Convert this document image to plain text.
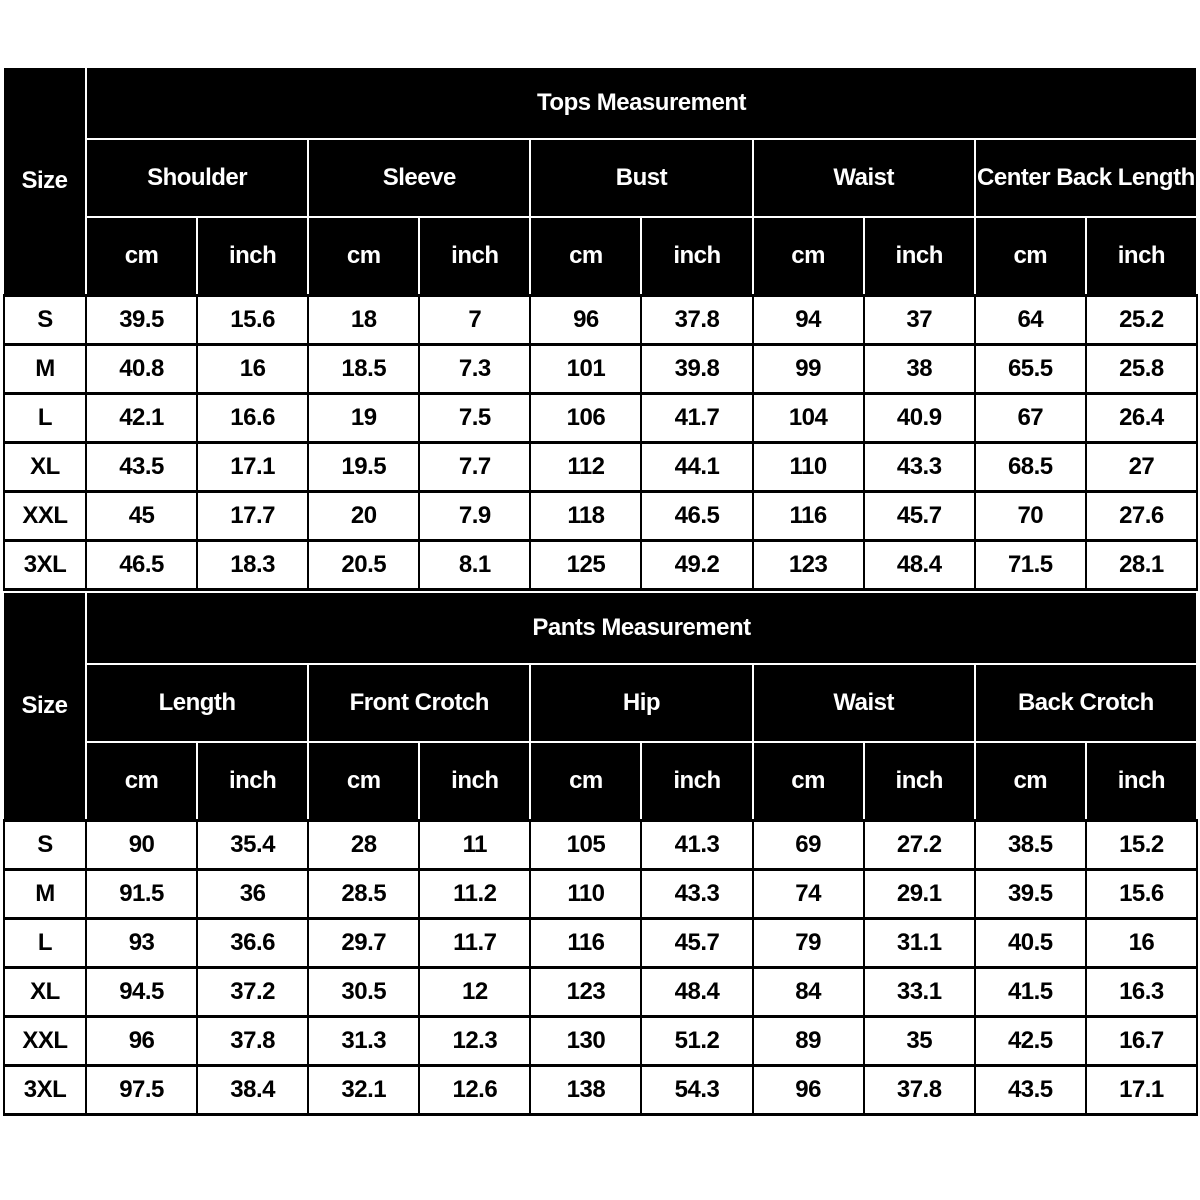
Size	Tops Measurement									
	Shoulder		Sleeve		Bust		Waist		Center Back Length	
	cm	inch	cm	inch	cm	inch	cm	inch	cm	inch
S	39.5	15.6	18	7	96	37.8	94	37	64	25.2
M	40.8	16	18.5	7.3	101	39.8	99	38	65.5	25.8
L	42.1	16.6	19	7.5	106	41.7	104	40.9	67	26.4
XL	43.5	17.1	19.5	7.7	112	44.1	110	43.3	68.5	27
XXL	45	17.7	20	7.9	118	46.5	116	45.7	70	27.6
3XL	46.5	18.3	20.5	8.1	125	49.2	123	48.4	71.5	28.1
Size	Pants Measurement									
	Length		Front Crotch		Hip		Waist		Back Crotch	
	cm	inch	cm	inch	cm	inch	cm	inch	cm	inch
S	90	35.4	28	11	105	41.3	69	27.2	38.5	15.2
M	91.5	36	28.5	11.2	110	43.3	74	29.1	39.5	15.6
L	93	36.6	29.7	11.7	116	45.7	79	31.1	40.5	16
XL	94.5	37.2	30.5	12	123	48.4	84	33.1	41.5	16.3
XXL	96	37.8	31.3	12.3	130	51.2	89	35	42.5	16.7
3XL	97.5	38.4	32.1	12.6	138	54.3	96	37.8	43.5	17.1
